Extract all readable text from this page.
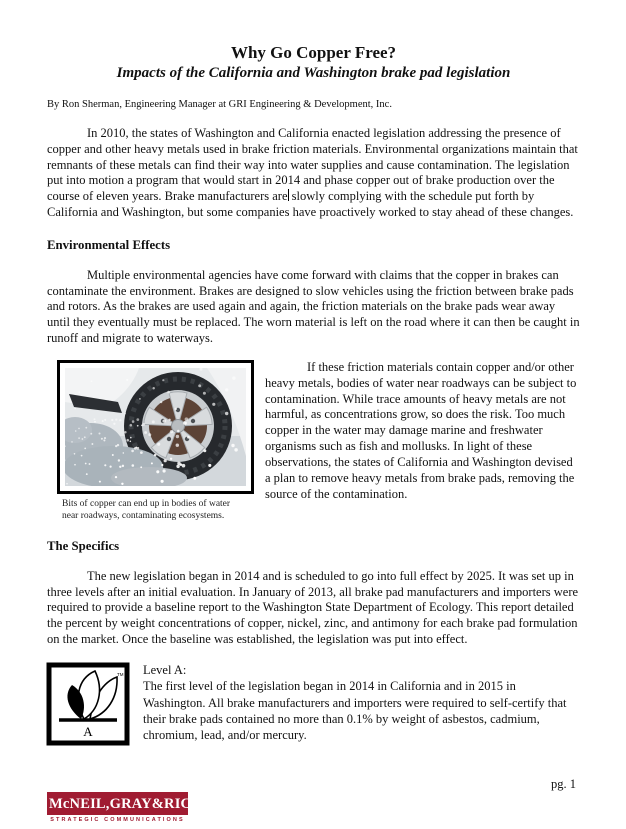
Why Go Copper Free?
Impacts of the California and Washington brake pad legislation

By Ron Sherman, Engineering Manager at GRI Engineering & Development, Inc.

In 2010, the states of Washington and California enacted legislation addressing the presence of copper and other heavy metals used in brake friction materials. Environmental organizations maintain that remnants of these metals can find their way into water supplies and cause contamination. The legislation put into motion a program that would start in 2014 and phase copper out of brake production over the course of eleven years. Brake manufacturers are slowly complying with the schedule put forth by California and Washington, but some companies have proactively worked to stay ahead of these changes.

Environmental Effects

Multiple environmental agencies have come forward with claims that the copper in brakes can contaminate the environment. Brakes are designed to slow vehicles using the friction between brake pads and rotors. As the brakes are used again and again, the friction materials on the brake pads wear away until they eventually must be replaced. The worn material is left on the road where it can then be caught in runoff and migrate to waterways.

Bits of copper can end up in bodies of water near roadways, contaminating ecosystems.

If these friction materials contain copper and/or other heavy metals, bodies of water near roadways can be subject to contamination. While trace amounts of heavy metals are not harmful, as concentrations grow, so does the risk. Too much copper in the water may damage marine and freshwater organisms such as fish and mollusks. In light of these observations, the states of California and Washington devised a plan to remove heavy metals from brake pads, removing the source of the contamination.

The Specifics

The new legislation began in 2014 and is scheduled to go into full effect by 2025. It was set up in three levels after an initial evaluation. In January of 2013, all brake pad manufacturers and importers were required to provide a baseline report to the Washington State Department of Ecology. This report detailed the percent by weight concentrations of copper, nickel, zinc, and antimony for each brake pad formulation on the market. Once the baseline was established, the legislation was put into effect.

TM
A

Level A:

The first level of the legislation began in 2014 in California and in 2015 in Washington. All brake manufacturers and importers were required to self-certify that their brake pads contained no more than 0.1% by weight of asbestos, cadmium, chromium, lead, and/or mercury.

pg. 1
McNEIL,GRAY&RICE
STRATEGIC COMMUNICATIONS
